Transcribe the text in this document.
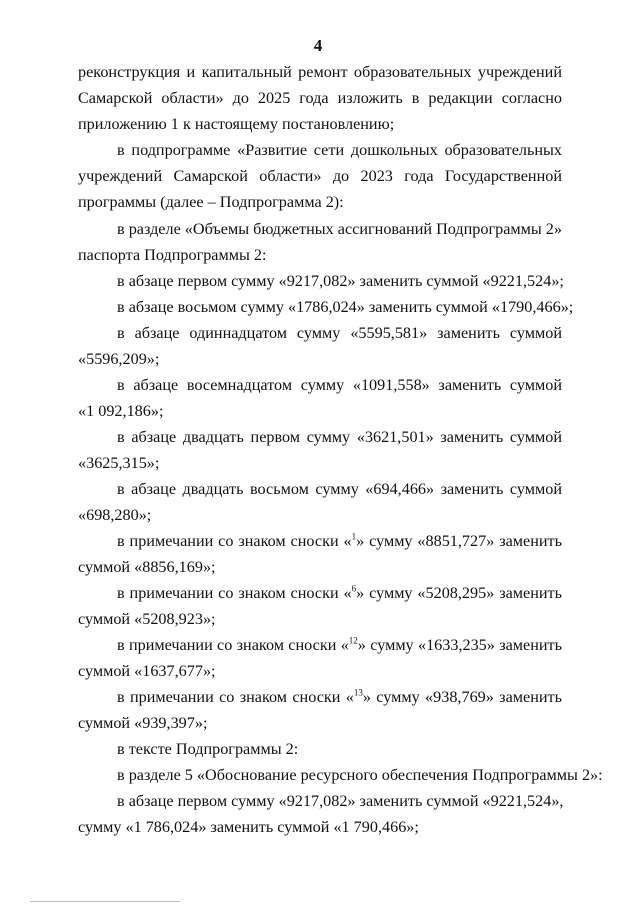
4
реконструкция и капитальный ремонт образовательных учреждений
Самарской области» до 2025 года изложить в редакции согласно
приложению 1 к настоящему постановлению;
в подпрограмме «Развитие сети дошкольных образовательных
учреждений Самарской области» до 2023 года Государственной
программы (далее – Подпрограмма 2):
в разделе «Объемы бюджетных ассигнований Подпрограммы 2»
паспорта Подпрограммы 2:
в абзаце первом сумму «9217,082» заменить суммой «9221,524»;
в абзаце восьмом сумму «1786,024» заменить суммой «1790,466»;
в абзаце одиннадцатом сумму «5595,581» заменить суммой
«5596,209»;
в абзаце восемнадцатом сумму «1091,558» заменить суммой
«1 092,186»;
в абзаце двадцать первом сумму «3621,501» заменить суммой
«3625,315»;
в абзаце двадцать восьмом сумму «694,466» заменить суммой
«698,280»;
в примечании со знаком сноски «$^1$» сумму «8851,727» заменить
суммой «8856,169»;
в примечании со знаком сноски «$^6$» сумму «5208,295» заменить
суммой «5208,923»;
в примечании со знаком сноски «$^{12}$» сумму «1633,235» заменить
суммой «1637,677»;
в примечании со знаком сноски «$^{13}$» сумму «938,769» заменить
суммой «939,397»;
в тексте Подпрограммы 2:
в разделе 5 «Обоснование ресурсного обеспечения Подпрограммы 2»:
в абзаце первом сумму «9217,082» заменить суммой «9221,524»,
сумму «1 786,024» заменить суммой «1 790,466»;
